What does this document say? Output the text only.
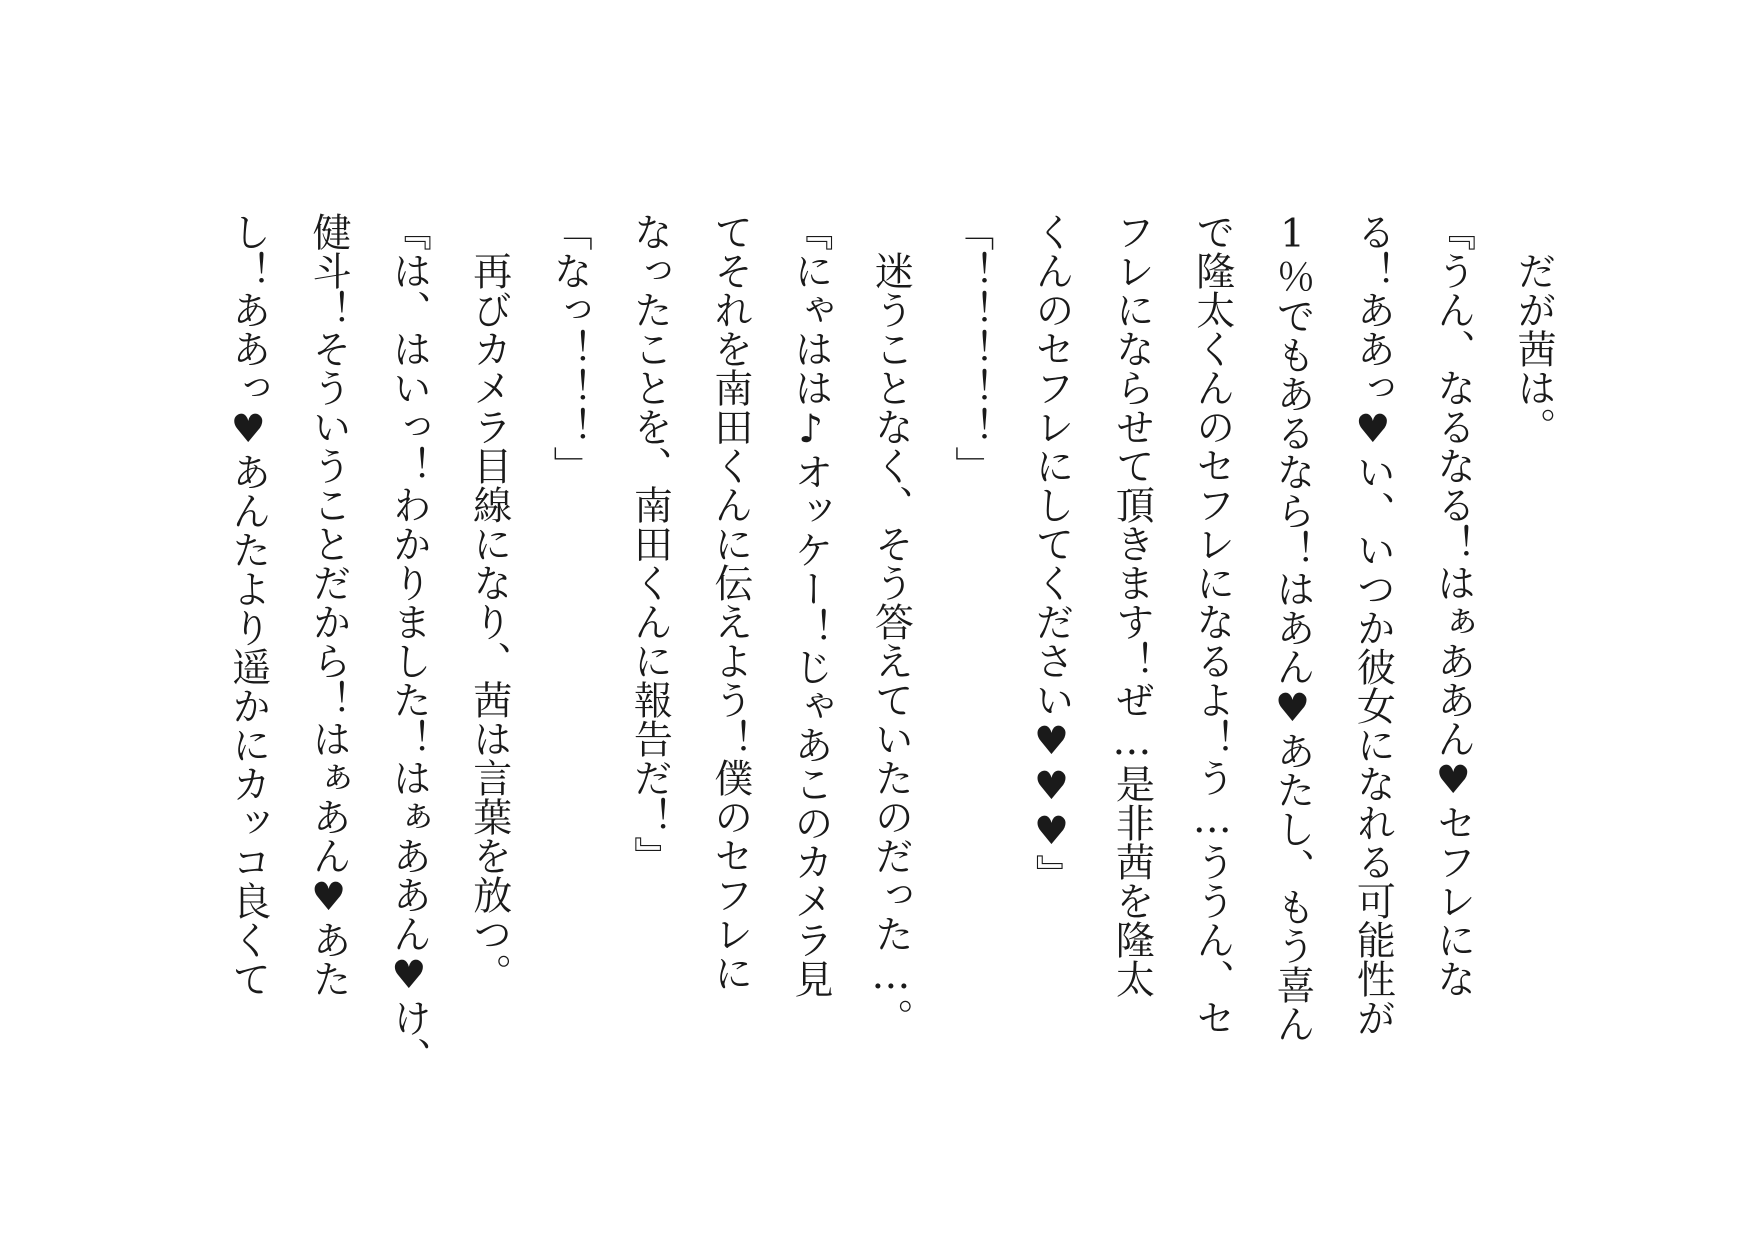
だが茜は。

『うん、なるなる！はぁああん♥セフレにな

る！ああっ♥い、いつか彼女になれる可能性が

1％でもあるなら！はあん♥あたし、もう喜ん

で隆太くんのセフレになるよ！う…ううん、セ

フレにならせて頂きます！ぜ…是非茜を隆太

くんのセフレにしてください♥♥♥』

「！！！！！」

迷うことなく、そう答えていたのだった…。

『にゃはは♪オッケー！じゃあこのカメラ見

てそれを南田くんに伝えよう！僕のセフレに

なったことを、南田くんに報告だ！』

「なっ！！！」

再びカメラ目線になり、茜は言葉を放つ。

『は、はいっ！わかりました！はぁああん♥け、

健斗！そういうことだから！はぁあん♥あた

し！ああっ♥あんたより遥かにカッコ良くて
